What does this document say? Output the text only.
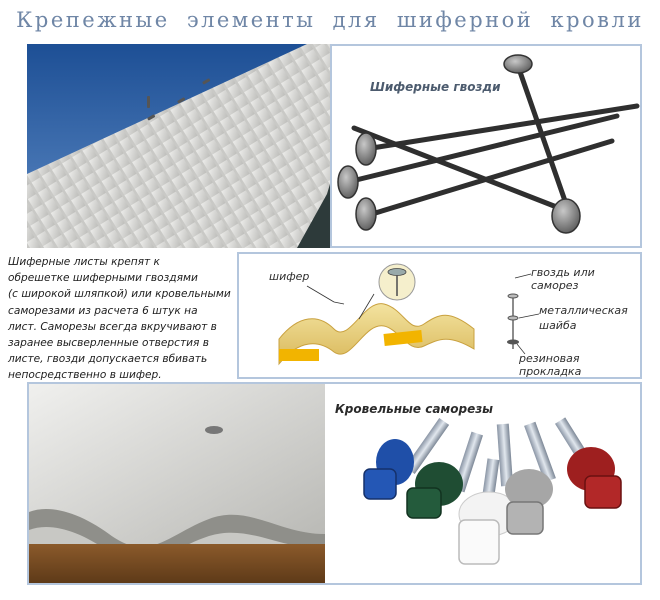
Крепежные элементы для шиферной кровли
Шиферные гвозди
Шиферные листы крепят к
обрешетке шиферными гвоздями
(с широкой шляпкой) или кровельными
саморезами из расчета 6 штук на
лист. Саморезы всегда вкручивают в
заранее высверленные отверстия в
листе, гвозди допускается вбивать
непосредственно в шифер.
шифер	гвоздь или саморез
металлическая
шайба
резиновая прокладка
Кровельные саморезы
